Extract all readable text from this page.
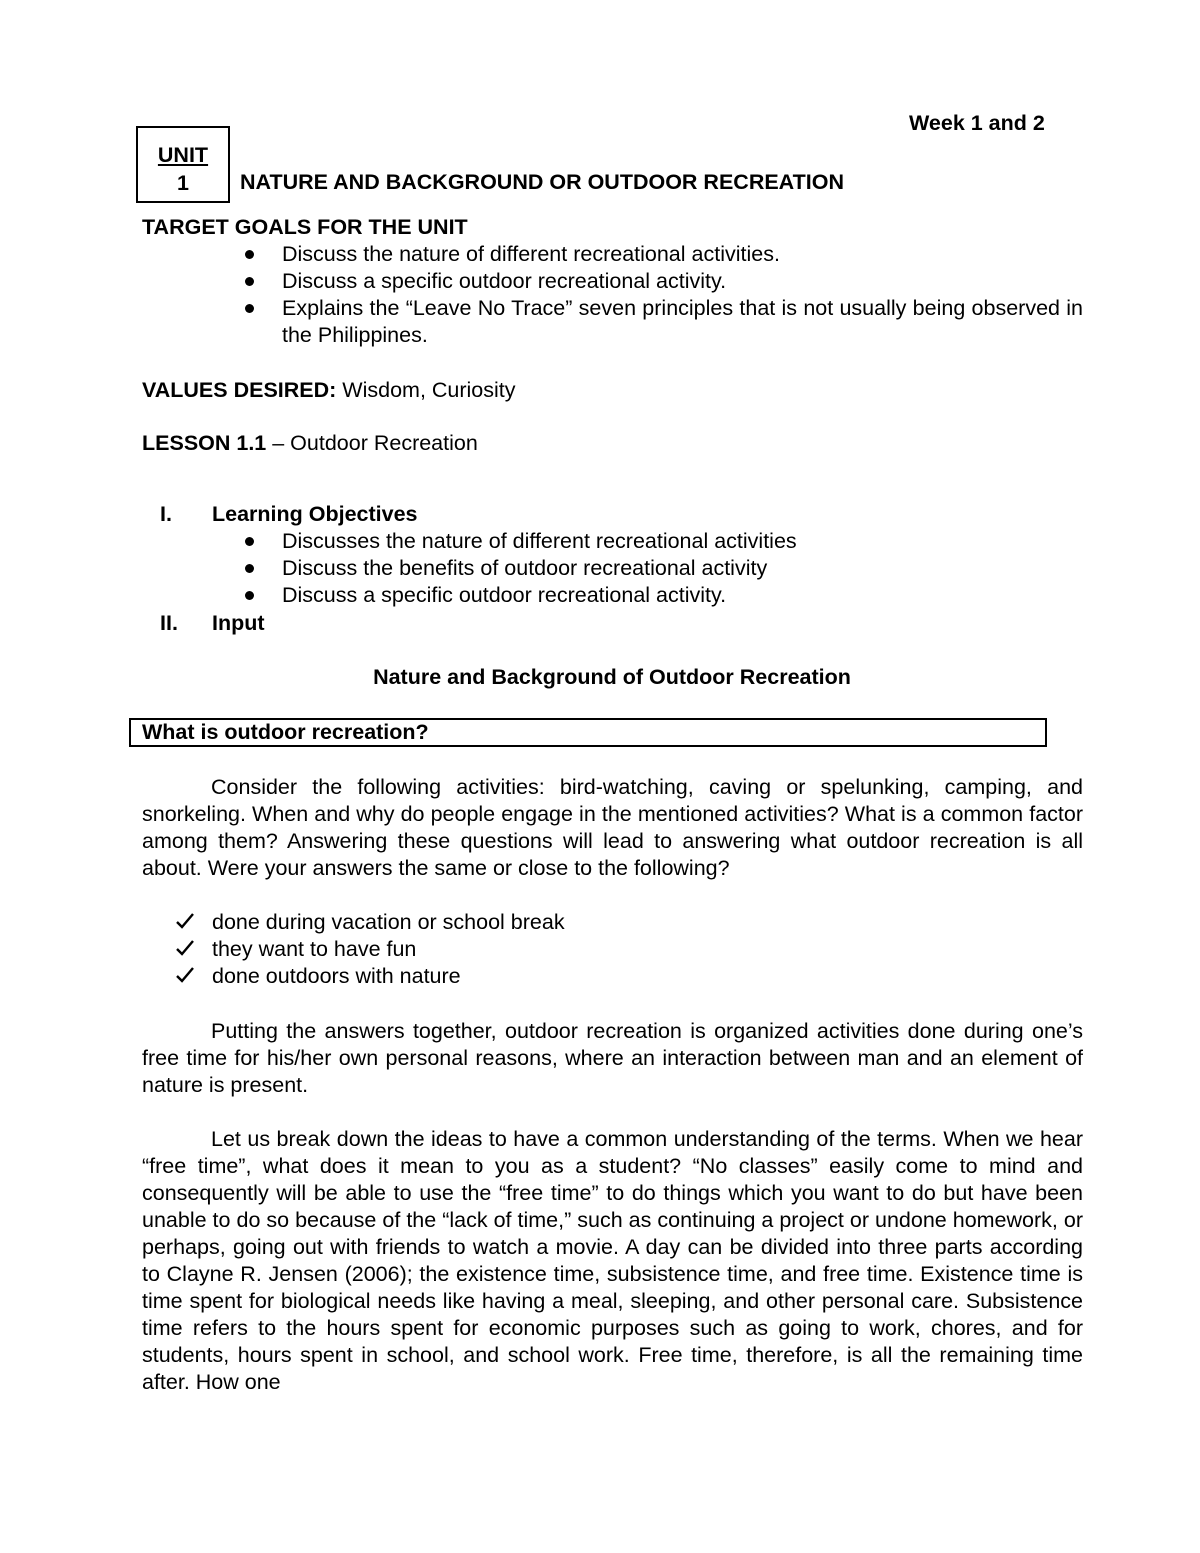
Week 1 and 2
UNIT
1	NATURE AND BACKGROUND OR OUTDOOR RECREATION
TARGET GOALS FOR THE UNIT
Discuss the nature of different recreational activities.
Discuss a specific outdoor recreational activity.
Explains the “Leave No Trace” seven principles that is not usually being observed in the Philippines.
VALUES DESIRED: Wisdom, Curiosity
LESSON 1.1 – Outdoor Recreation
I. Learning Objectives
Discusses the nature of different recreational activities
Discuss the benefits of outdoor recreational activity
Discuss a specific outdoor recreational activity.
II. Input
Nature and Background of Outdoor Recreation
What is outdoor recreation?
Consider the following activities: bird-watching, caving or spelunking, camping, and snorkeling. When and why do people engage in the mentioned activities? What is a common factor among them? Answering these questions will lead to answering what outdoor recreation is all about. Were your answers the same or close to the following?
done during vacation or school break
they want to have fun
done outdoors with nature
Putting the answers together, outdoor recreation is organized activities done during one’s free time for his/her own personal reasons, where an interaction between man and an element of nature is present.
Let us break down the ideas to have a common understanding of the terms. When we hear “free time”, what does it mean to you as a student? “No classes” easily come to mind and consequently will be able to use the “free time” to do things which you want to do but have been unable to do so because of the “lack of time,” such as continuing a project or undone homework, or perhaps, going out with friends to watch a movie. A day can be divided into three parts according to Clayne R. Jensen (2006); the existence time, subsistence time, and free time. Existence time is time spent for biological needs like having a meal, sleeping, and other personal care. Subsistence time refers to the hours spent for economic purposes such as going to work, chores, and for students, hours spent in school, and school work. Free time, therefore, is all the remaining time after. How one
